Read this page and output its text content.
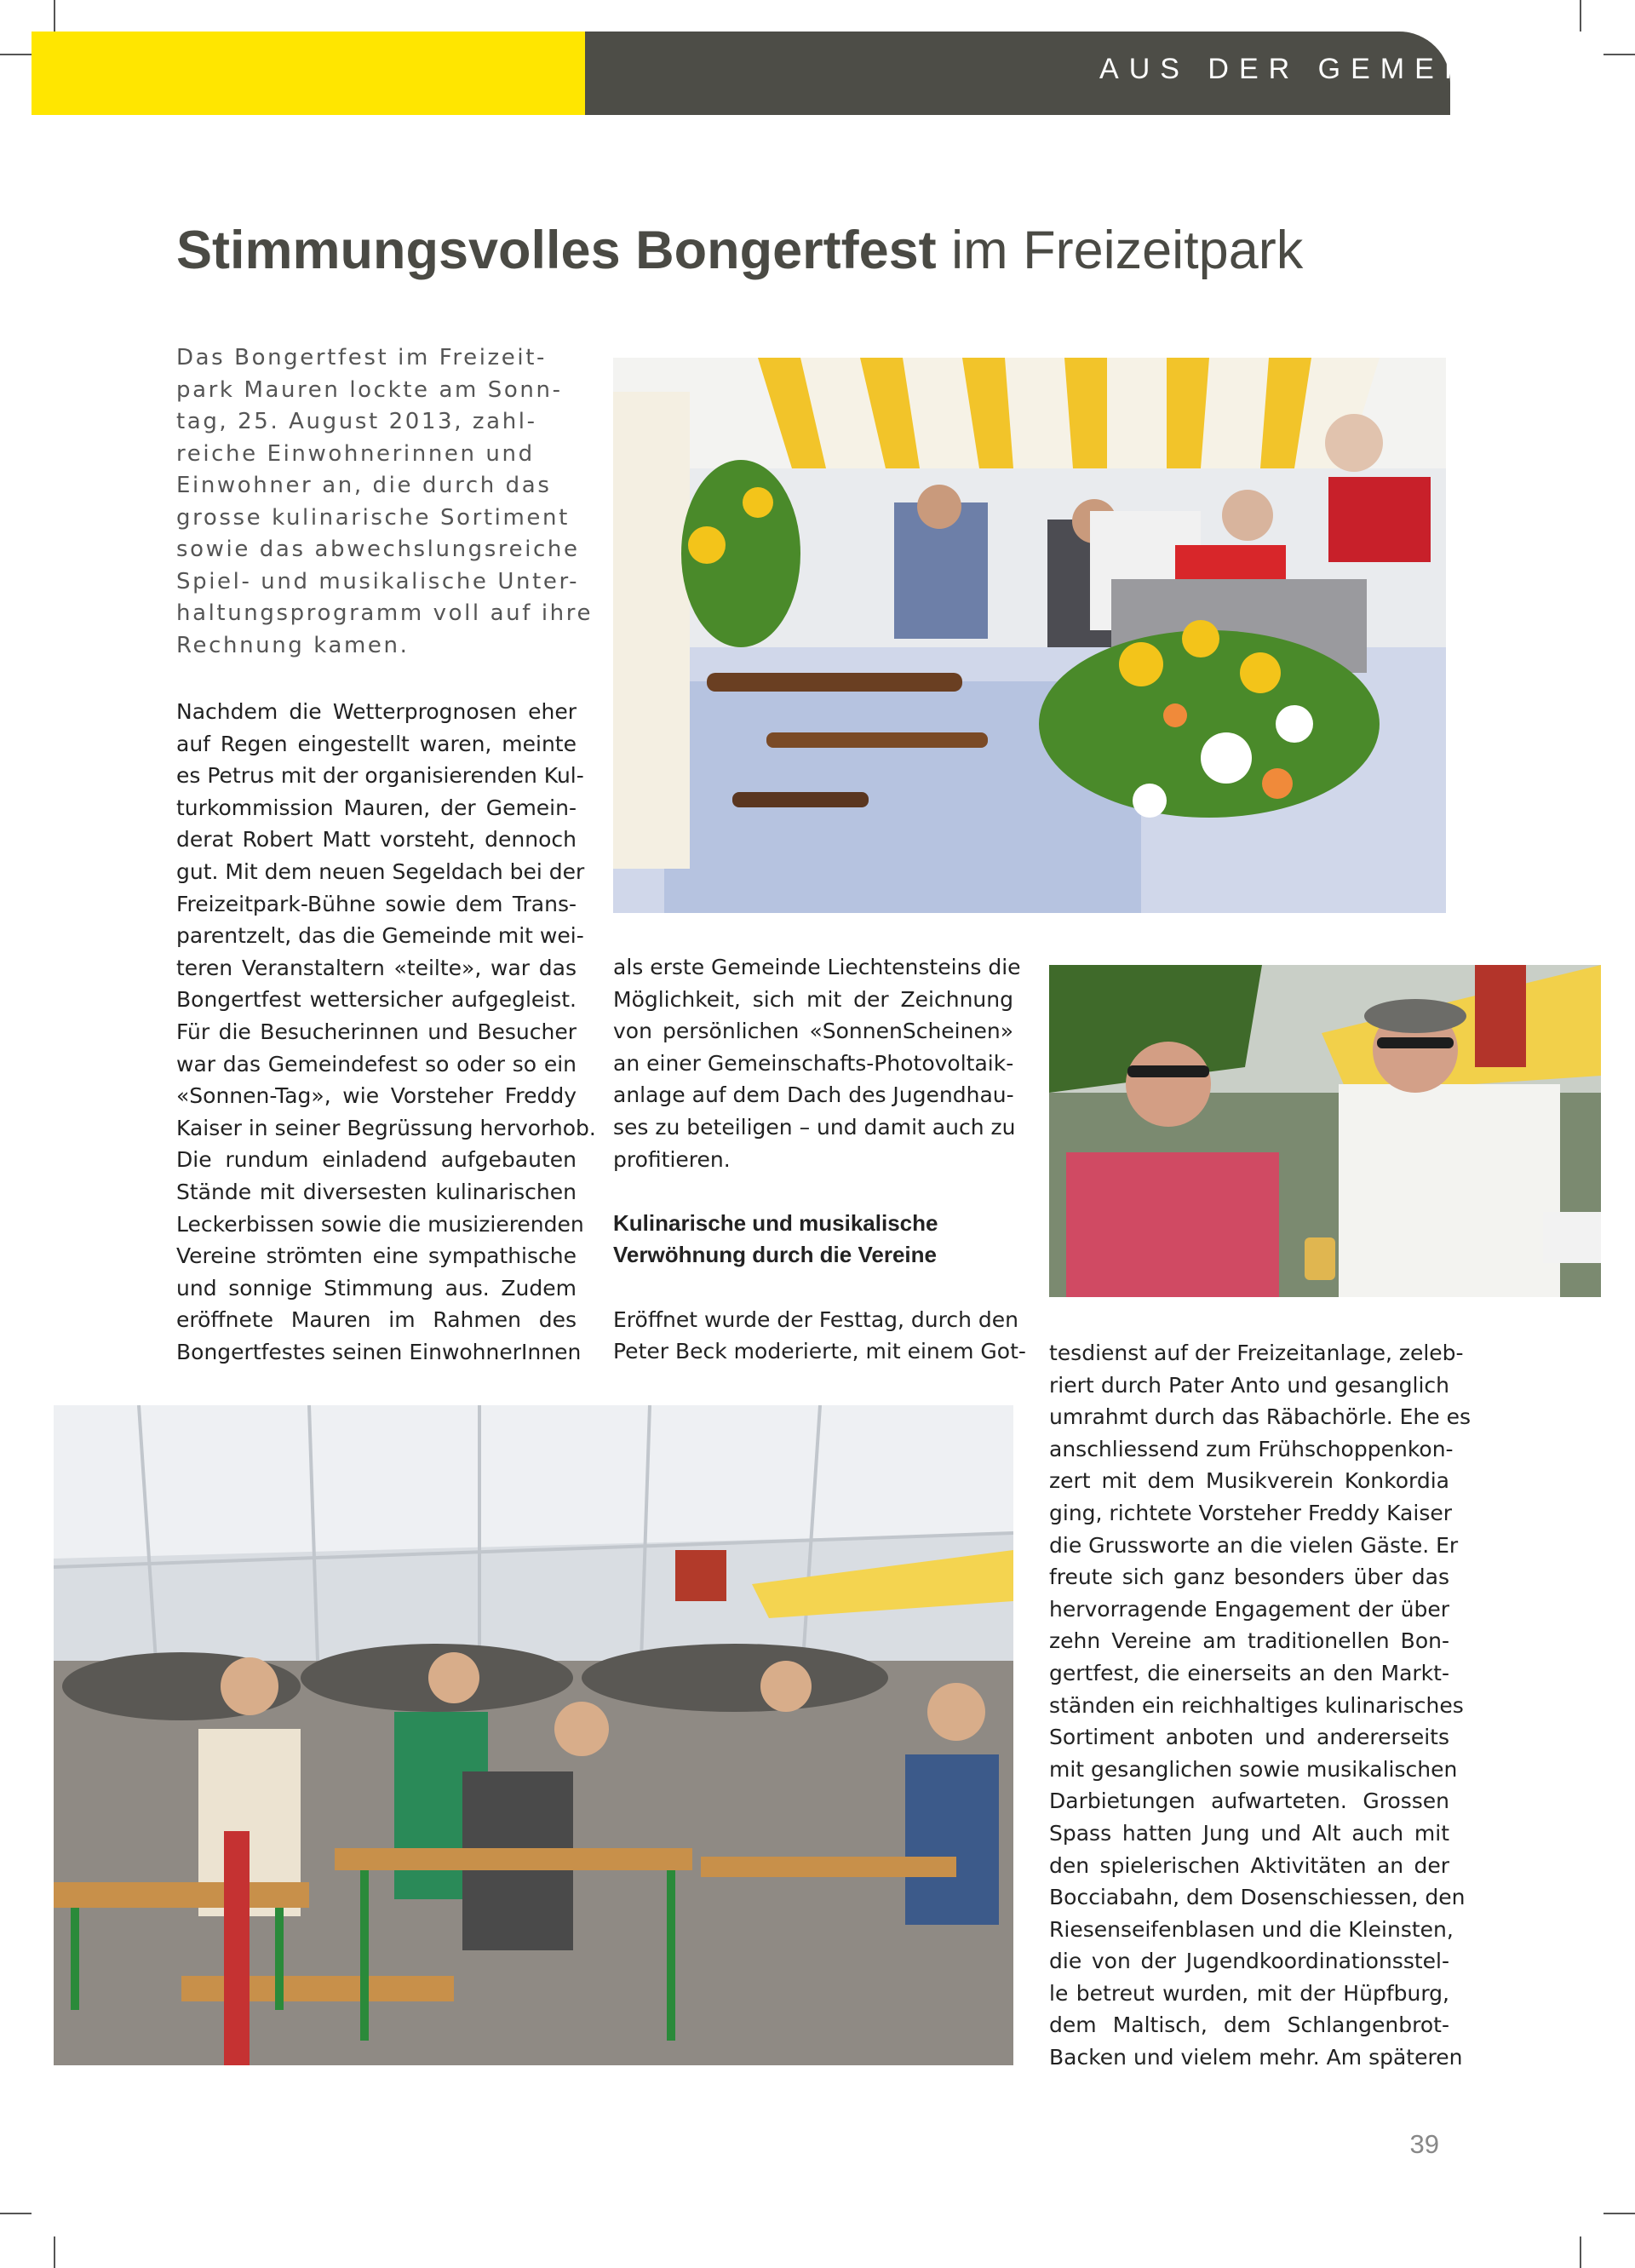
AUS DER GEMEINDE
Stimmungsvolles Bongertfest im Freizeitpark
Das Bongertfest im Freizeit-
park Mauren lockte am Sonn-
tag, 25. August 2013, zahl-
reiche Einwohnerinnen und
Einwohner an, die durch das
grosse kulinarische Sortiment
sowie das abwechslungsreiche
Spiel- und musikalische Unter-
haltungsprogramm voll auf ihre
Rechnung kamen.
Nachdem die Wetterprognosen eher
auf Regen eingestellt waren, meinte
es Petrus mit der organisierenden Kul-
turkommission Mauren, der Gemein-
derat Robert Matt vorsteht, dennoch
gut. Mit dem neuen Segeldach bei der
Freizeitpark-Bühne sowie dem Trans-
parentzelt, das die Gemeinde mit wei-
teren Veranstaltern «teilte», war das
Bongertfest wettersicher aufgegleist.
Für die Besucherinnen und Besucher
war das Gemeindefest so oder so ein
«Sonnen-Tag», wie Vorsteher Freddy
Kaiser in seiner Begrüssung hervorhob.
Die rundum einladend aufgebauten
Stände mit diversesten kulinarischen
Leckerbissen sowie die musizierenden
Vereine strömten eine sympathische
und sonnige Stimmung aus. Zudem
eröffnete Mauren im Rahmen des
Bongertfestes seinen EinwohnerInnen
als erste Gemeinde Liechtensteins die
Möglichkeit, sich mit der Zeichnung
von persönlichen «SonnenScheinen»
an einer Gemeinschafts-Photovoltaik-
anlage auf dem Dach des Jugendhau-
ses zu beteiligen – und damit auch zu
profitieren.
Kulinarische und musikalische
Verwöhnung durch die Vereine
Eröffnet wurde der Festtag, durch den
Peter Beck moderierte, mit einem Got- tesdienst auf der Freizeitanlage, zeleb-
riert durch Pater Anto und gesanglich
umrahmt durch das Räbachörle. Ehe es
anschliessend zum Frühschoppenkon-
zert mit dem Musikverein Konkordia
ging, richtete Vorsteher Freddy Kaiser
die Grussworte an die vielen Gäste. Er
freute sich ganz besonders über das
hervorragende Engagement der über
zehn Vereine am traditionellen Bon-
gertfest, die einerseits an den Markt-
ständen ein reichhaltiges kulinarisches
Sortiment anboten und andererseits
mit gesanglichen sowie musikalischen
Darbietungen aufwarteten. Grossen
Spass hatten Jung und Alt auch mit
den spielerischen Aktivitäten an der
Bocciabahn, dem Dosenschiessen, den
Riesenseifenblasen und die Kleinsten,
die von der Jugendkoordinationsstel-
le betreut wurden, mit der Hüpfburg,
dem Maltisch, dem Schlangenbrot-
Backen und vielem mehr. Am späteren
39
